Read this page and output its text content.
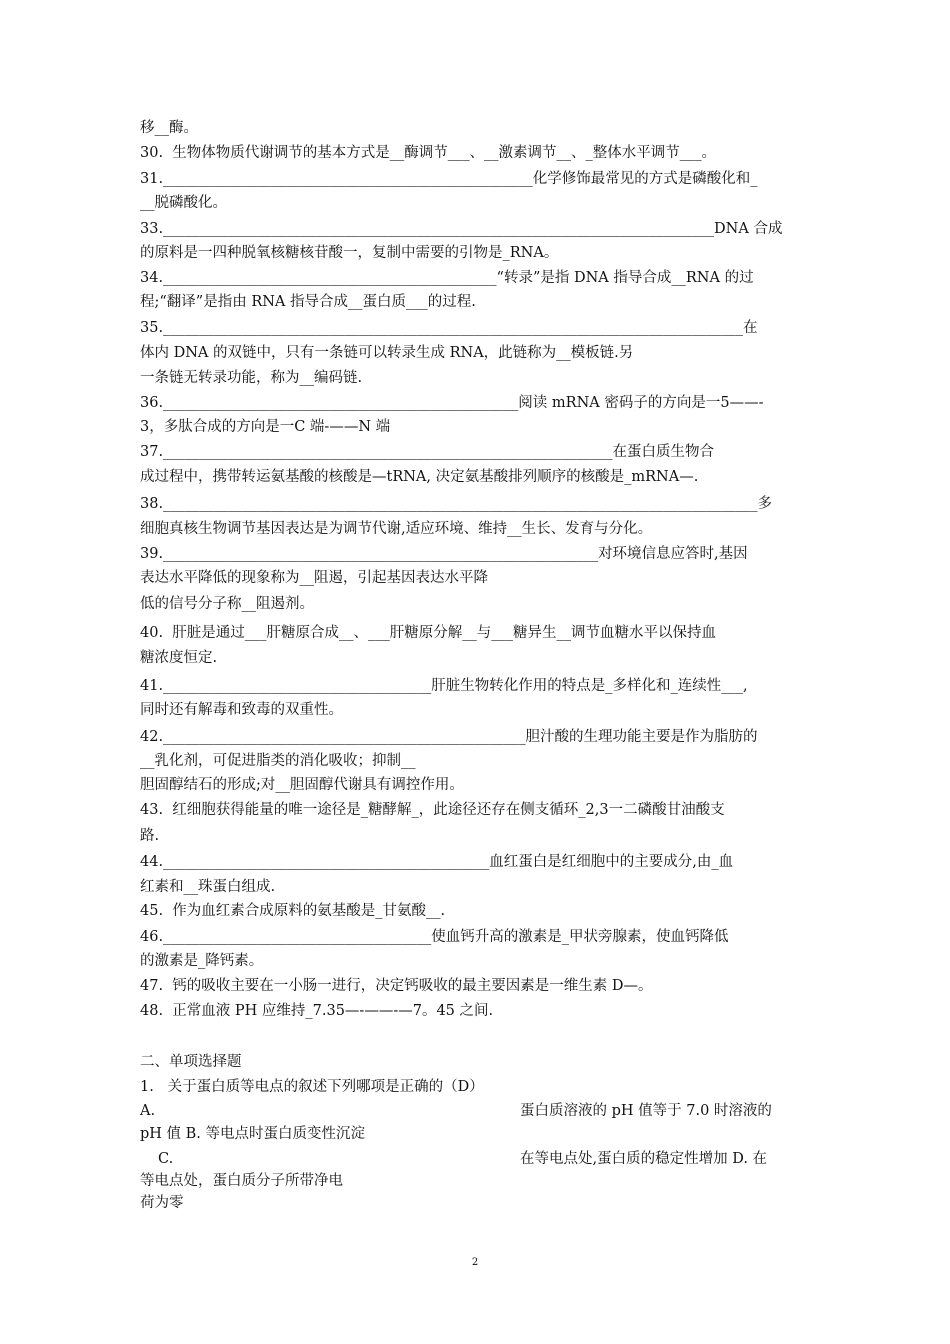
移__酶。
30.  生物体物质代谢调节的基本方式是__酶调节___、__激素调节__、_整体水平调节___。
31.___________________________________________________化学修饰最常见的方式是磷酸化和_
__脱磷酸化。
33.____________________________________________________________________________DNA 合成
的原料是一四种脱氧核糖核苷酸一，复制中需要的引物是_RNA。
34.______________________________________________“转录”是指 DNA 指导合成__RNA 的过
程;“翻译”是指由 RNA 指导合成__蛋白质___的过程.
35.________________________________________________________________________________在
体内 DNA 的双链中，只有一条链可以转录生成 RNA，此链称为__模板链.另
一条链无转录功能，称为__编码链.
36._________________________________________________阅读 mRNA 密码子的方向是一5——-
3，多肽合成的方向是一C 端-——N 端
37.______________________________________________________________在蛋白质生物合
成过程中，携带转运氨基酸的核酸是—tRNA, 决定氨基酸排列顺序的核酸是_mRNA—.
38.__________________________________________________________________________________多
细胞真核生物调节基因表达是为调节代谢,适应环境、维持__生长、发育与分化。
39.____________________________________________________________对环境信息应答时,基因
表达水平降低的现象称为__阻遏，引起基因表达水平降
低的信号分子称__阻遏剂。
40.  肝脏是通过___肝糖原合成__、___肝糖原分解__与___糖异生__调节血糖水平以保持血
糖浓度恒定.
41._____________________________________肝脏生物转化作用的特点是_多样化和_连续性___,
同时还有解毒和致毒的双重性。
42.__________________________________________________胆汁酸的生理功能主要是作为脂肪的
__乳化剂，可促进脂类的消化吸收；抑制__
胆固醇结石的形成;对__胆固醇代谢具有调控作用。
43.  红细胞获得能量的唯一途径是_糖酵解_，此途径还存在侧支循环_2,3一二磷酸甘油酸支
路.
44._____________________________________________血红蛋白是红细胞中的主要成分,由_血
红素和__珠蛋白组成.
45.  作为血红素合成原料的氨基酸是_甘氨酸__.
46._____________________________________使血钙升高的激素是_甲状旁腺素，使血钙降低
的激素是_降钙素。
47.  钙的吸收主要在一小肠一进行，决定钙吸收的最主要因素是一维生素 D—。
48.  正常血液 PH 应维持_7.35—-——-—7。45 之间.
二、单项选择题
1.   关于蛋白质等电点的叙述下列哪项是正确的（D）
A.	蛋白质溶液的 pH 值等于 7.0 时溶液的
pH 值 B. 等电点时蛋白质变性沉淀
C.	在等电点处,蛋白质的稳定性增加 D. 在
等电点处，蛋白质分子所带净电
荷为零
2
